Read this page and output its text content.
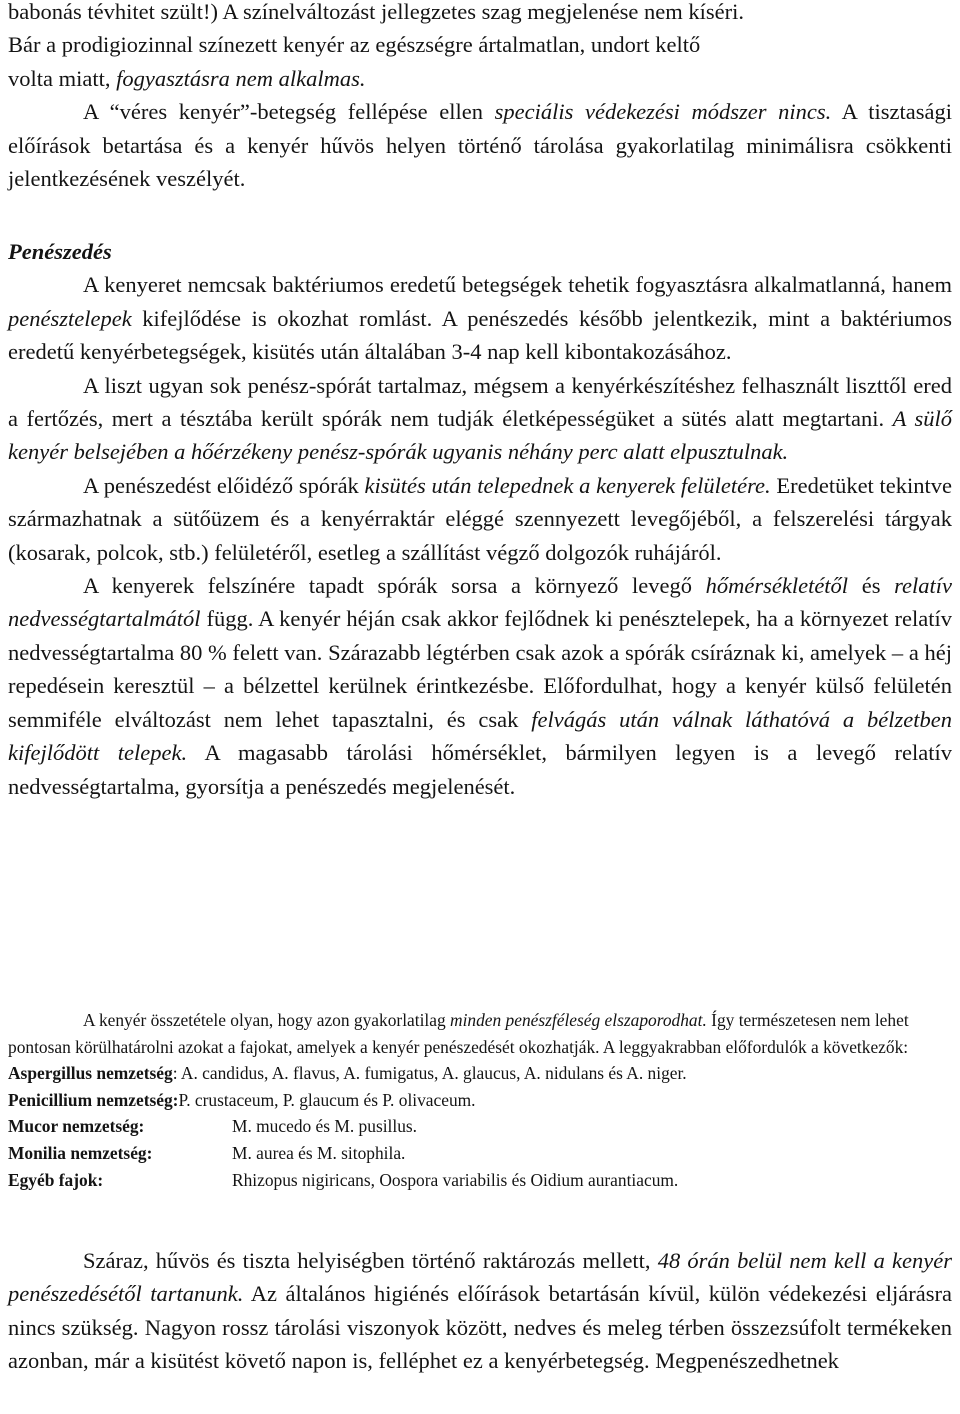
babonás tévhitet szült!) A színelváltozást jellegzetes szag megjelenése nem kíséri.
Bár a prodigiozinnal színezett kenyér az egészségre ártalmatlan, undort keltő
volta miatt, fogyasztásra nem alkalmas.

A “véres kenyér”-betegség fellépése ellen speciális védekezési módszer nincs. A tisztasági előírások betartása és a kenyér hűvös helyen történő tárolása gyakorlatilag minimálisra csökkenti jelentkezésének veszélyét.

Penészedés

A kenyeret nemcsak baktériumos eredetű betegségek tehetik fogyasztásra alkalmatlanná, hanem penésztelepek kifejlődése is okozhat romlást. A penészedés később jelentkezik, mint a baktériumos eredetű kenyérbetegségek, kisütés után általában 3-4 nap kell kibontakozásához.

A liszt ugyan sok penész-spórát tartalmaz, mégsem a kenyérkészítéshez felhasznált liszttől ered a fertőzés, mert a tésztába került spórák nem tudják életképességüket a sütés alatt megtartani. A sülő kenyér belsejében a hőérzékeny penész-spórák ugyanis néhány perc alatt elpusztulnak.

A penészedést előidéző spórák kisütés után telepednek a kenyerek felületére. Eredetüket tekintve származhatnak a sütőüzem és a kenyérraktár eléggé szennyezett levegőjéből, a felszerelési tárgyak (kosarak, polcok, stb.) felületéről, esetleg a szállítást végző dolgozók ruhájáról.

A kenyerek felszínére tapadt spórák sorsa a környező levegő hőmérsékletétől és relatív nedvességtartalmától függ. A kenyér héján csak akkor fejlődnek ki penésztelepek, ha a környezet relatív nedvességtartalma 80 % felett van. Szárazabb légtérben csak azok a spórák csíráznak ki, amelyek – a héj repedésein keresztül – a bélzettel kerülnek érintkezésbe. Előfordulhat, hogy a kenyér külső felületén semmiféle elváltozást nem lehet tapasztalni, és csak felvágás után válnak láthatóvá a bélzetben kifejlődött telepek. A magasabb tárolási hőmérséklet, bármilyen legyen is a levegő relatív nedvességtartalma, gyorsítja a penészedés megjelenését.

A kenyér összetétele olyan, hogy azon gyakorlatilag minden penészféleség elszaporodhat. Így természetesen nem lehet pontosan körülhatárolni azokat a fajokat, amelyek a kenyér penészedését okozhatják. A leggyakrabban előfordulók a következők:

Aspergillus nemzetség : A. candidus, A. flavus, A. fumigatus, A. glaucus, A. nidulans és A. niger.
Penicillium nemzetség: P. crustaceum, P. glaucum és P. olivaceum.
Mucor nemzetség:	M. mucedo és M. pusillus.
Monilia nemzetség:	M. aurea és M. sitophila.
Egyéb fajok:	Rhizopus nigiricans, Oospora variabilis és Oidium aurantiacum.

Száraz, hűvös és tiszta helyiségben történő raktározás mellett, 48 órán belül nem kell a kenyér penészedésétől tartanunk. Az általános higiénés előírások betartásán kívül, külön védekezési eljárásra nincs szükség. Nagyon rossz tárolási viszonyok között, nedves és meleg térben összezsúfolt termékeken azonban, már a kisütést követő napon is, felléphet ez a kenyérbetegség. Megpenészedhetnek
